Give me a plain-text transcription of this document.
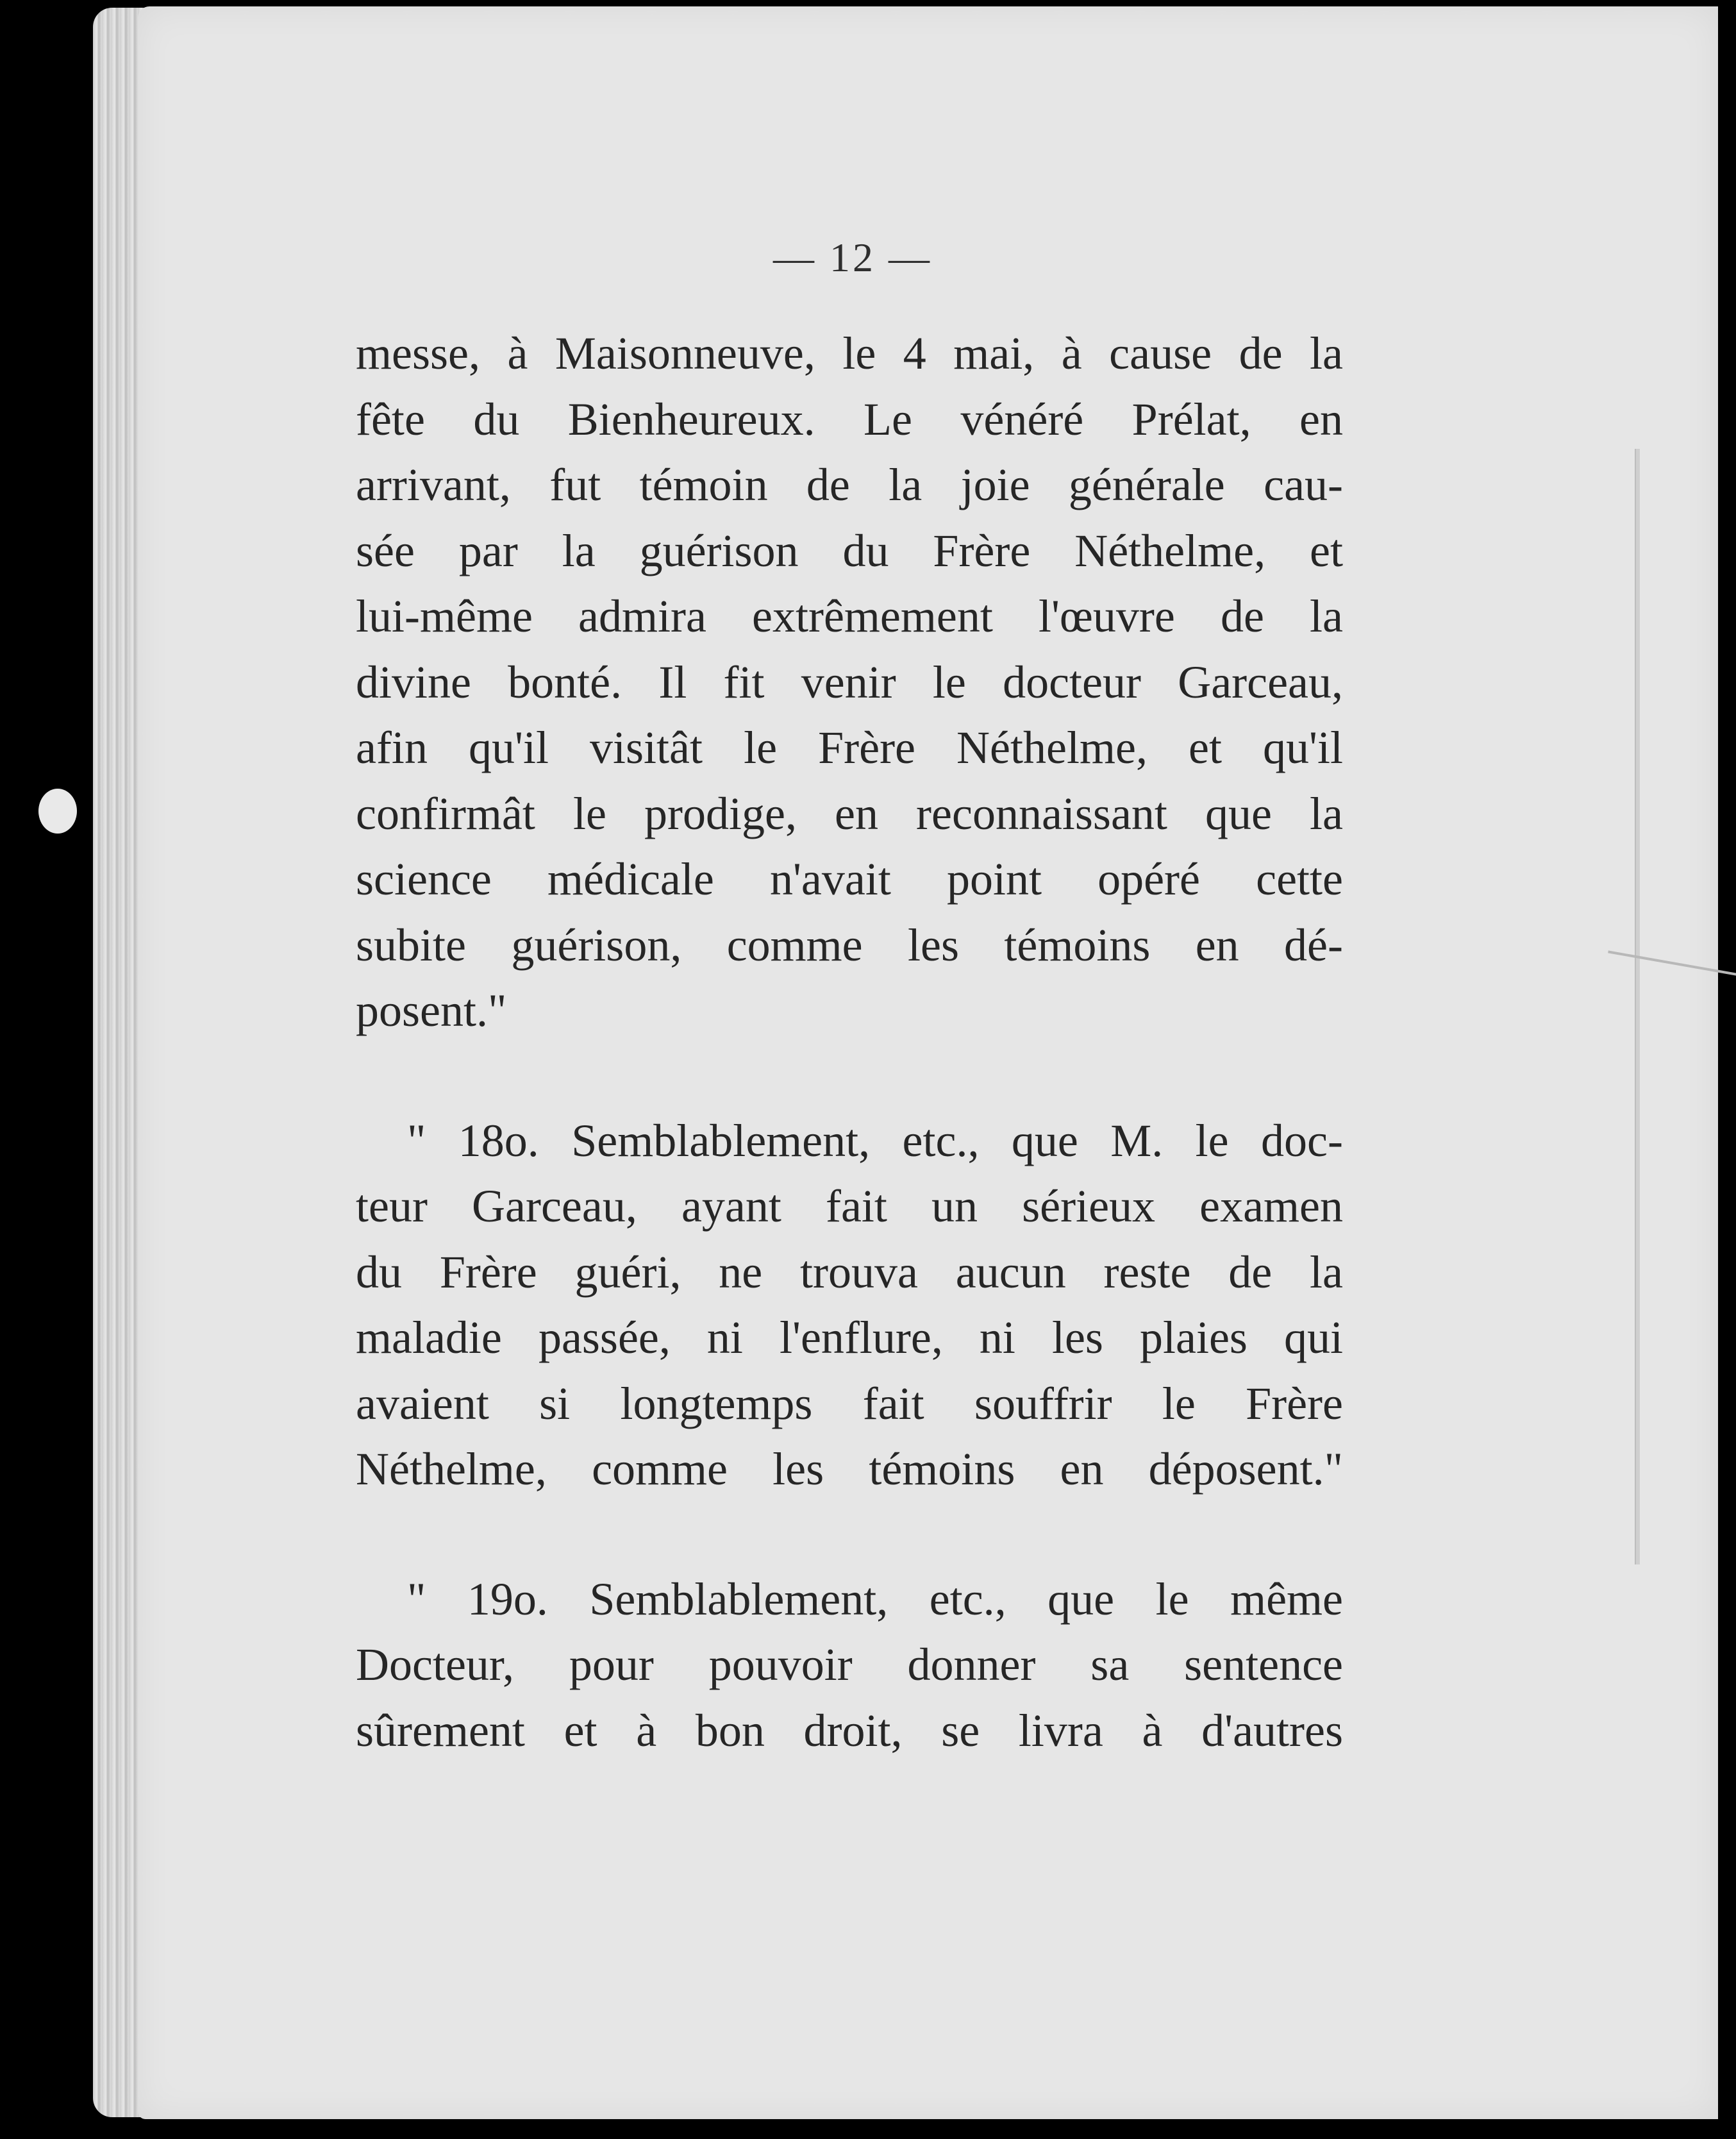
— 12 —
messe, à Maisonneuve, le 4 mai, à cause de la
fête du Bienheureux. Le vénéré Prélat, en
arrivant, fut témoin de la joie générale cau-
sée par la guérison du Frère Néthelme, et
lui-même admira extrêmement l'œuvre de la
divine bonté. Il fit venir le docteur Garceau,
afin qu'il visitât le Frère Néthelme, et qu'il
confirmât le prodige, en reconnaissant que la
science médicale n'avait point opéré cette
subite guérison, comme les témoins en dé-
posent."
" 18o. Semblablement, etc., que M. le doc-
teur Garceau, ayant fait un sérieux examen
du Frère guéri, ne trouva aucun reste de la
maladie passée, ni l'enflure, ni les plaies qui
avaient si longtemps fait souffrir le Frère
Néthelme, comme les témoins en déposent."
" 19o. Semblablement, etc., que le même
Docteur, pour pouvoir donner sa sentence
sûrement et à bon droit, se livra à d'autres
